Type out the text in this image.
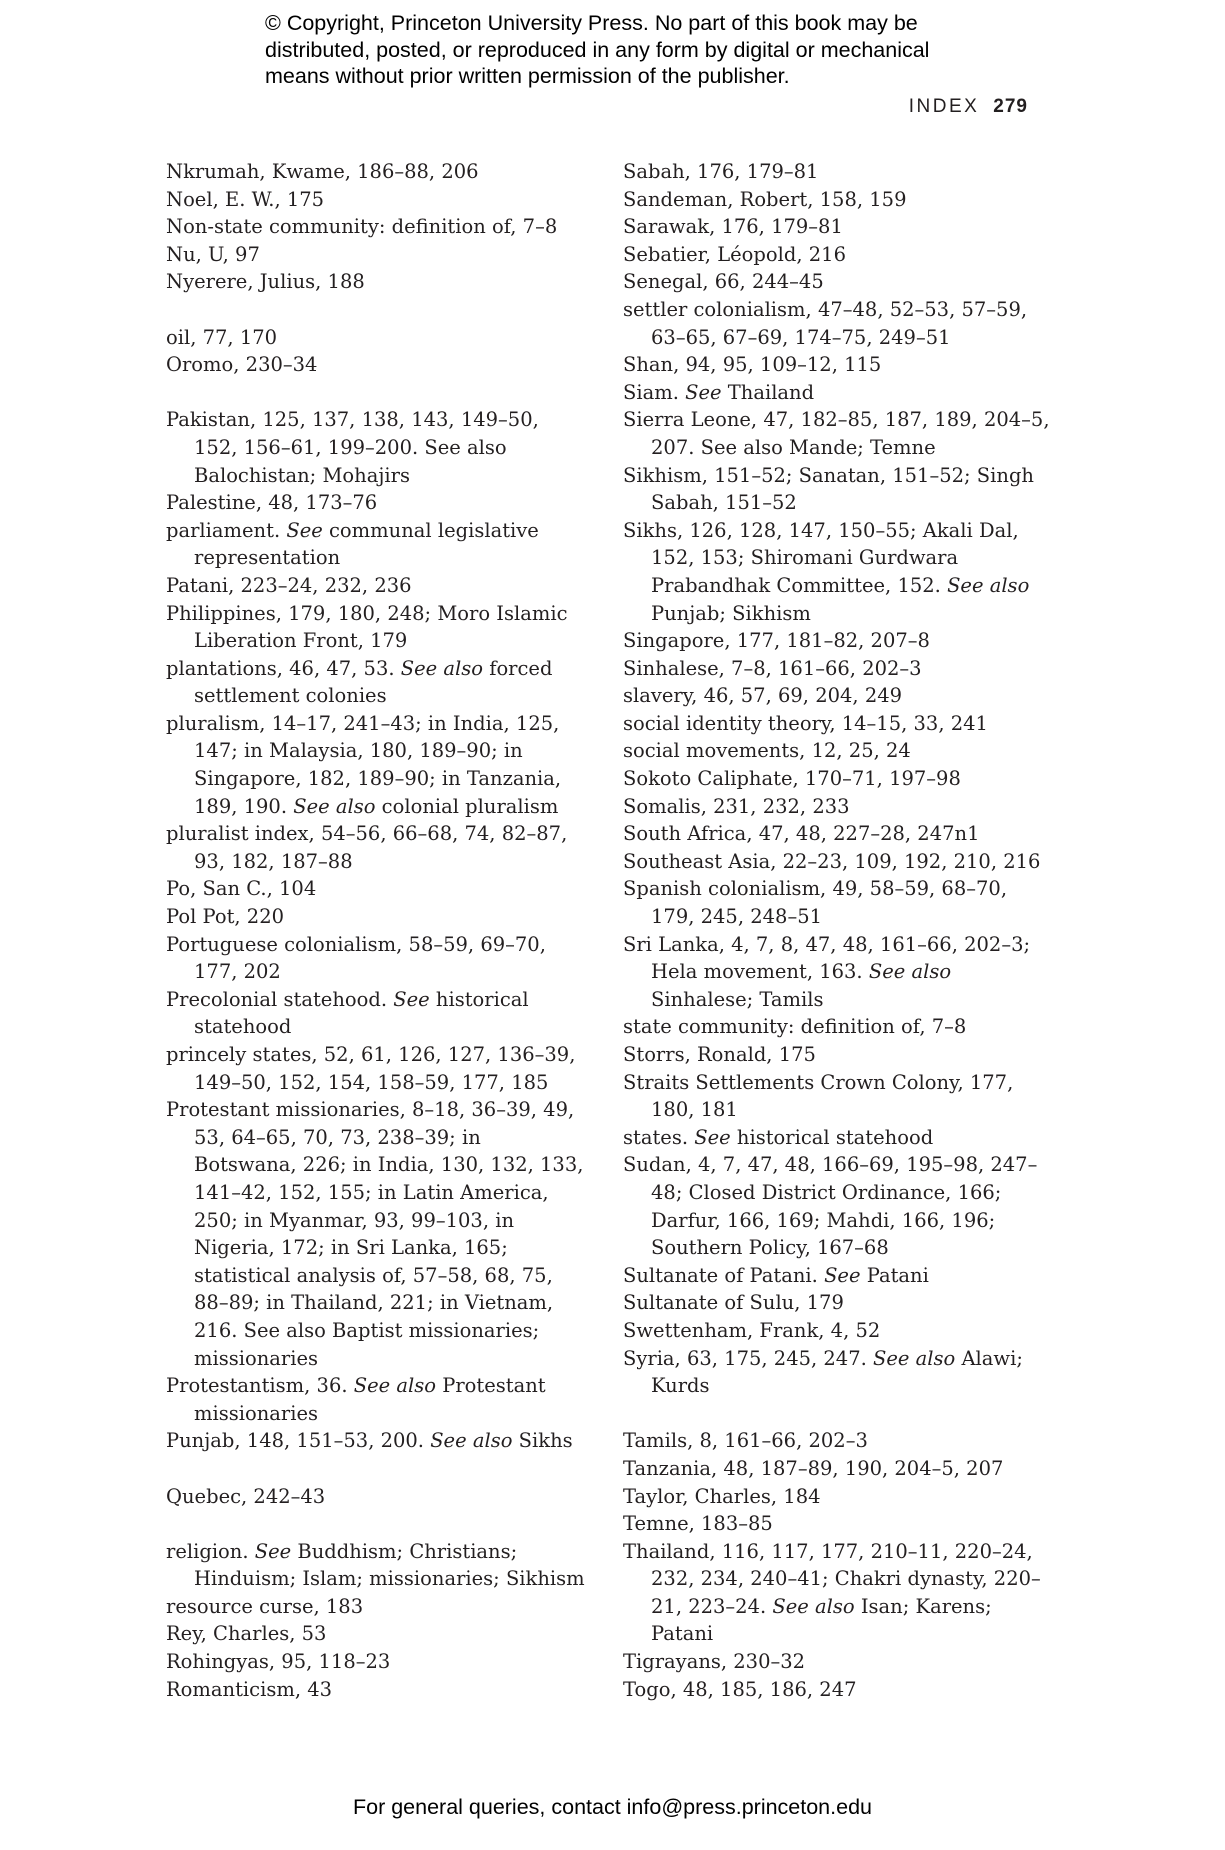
© Copyright, Princeton University Press. No part of this book may be
distributed, posted, or reproduced in any form by digital or mechanical
means without prior written permission of the publisher.
INDEX 279
Nkrumah, Kwame, 186–88, 206
Noel, E. W., 175
Non-state community: definition of, 7–8
Nu, U, 97
Nyerere, Julius, 188
oil, 77, 170
Oromo, 230–34
Pakistan, 125, 137, 138, 143, 149–50, 152, 156–61, 199–200. See also Balochistan; Mohajirs
Palestine, 48, 173–76
parliament. See communal legislative representation
Patani, 223–24, 232, 236
Philippines, 179, 180, 248; Moro Islamic Liberation Front, 179
plantations, 46, 47, 53. See also forced settlement colonies
pluralism, 14–17, 241–43; in India, 125, 147; in Malaysia, 180, 189–90; in Singapore, 182, 189–90; in Tanzania, 189, 190. See also colonial pluralism
pluralist index, 54–56, 66–68, 74, 82–87, 93, 182, 187–88
Po, San C., 104
Pol Pot, 220
Portuguese colonialism, 58–59, 69–70, 177, 202
Precolonial statehood. See historical statehood
princely states, 52, 61, 126, 127, 136–39, 149–50, 152, 154, 158–59, 177, 185
Protestant missionaries, 8–18, 36–39, 49, 53, 64–65, 70, 73, 238–39; in Botswana, 226; in India, 130, 132, 133, 141–42, 152, 155; in Latin America, 250; in Myanmar, 93, 99–103, in Nigeria, 172; in Sri Lanka, 165; statistical analysis of, 57–58, 68, 75, 88–89; in Thailand, 221; in Vietnam, 216. See also Baptist missionaries; missionaries
Protestantism, 36. See also Protestant missionaries
Punjab, 148, 151–53, 200. See also Sikhs
Quebec, 242–43
religion. See Buddhism; Christians; Hinduism; Islam; missionaries; Sikhism
resource curse, 183
Rey, Charles, 53
Rohingyas, 95, 118–23
Romanticism, 43
Sabah, 176, 179–81
Sandeman, Robert, 158, 159
Sarawak, 176, 179–81
Sebatier, Léopold, 216
Senegal, 66, 244–45
settler colonialism, 47–48, 52–53, 57–59, 63–65, 67–69, 174–75, 249–51
Shan, 94, 95, 109–12, 115
Siam. See Thailand
Sierra Leone, 47, 182–85, 187, 189, 204–5, 207. See also Mande; Temne
Sikhism, 151–52; Sanatan, 151–52; Singh Sabah, 151–52
Sikhs, 126, 128, 147, 150–55; Akali Dal, 152, 153; Shiromani Gurdwara Prabandhak Committee, 152. See also Punjab; Sikhism
Singapore, 177, 181–82, 207–8
Sinhalese, 7–8, 161–66, 202–3
slavery, 46, 57, 69, 204, 249
social identity theory, 14–15, 33, 241
social movements, 12, 25, 24
Sokoto Caliphate, 170–71, 197–98
Somalis, 231, 232, 233
South Africa, 47, 48, 227–28, 247n1
Southeast Asia, 22–23, 109, 192, 210, 216
Spanish colonialism, 49, 58–59, 68–70, 179, 245, 248–51
Sri Lanka, 4, 7, 8, 47, 48, 161–66, 202–3; Hela movement, 163. See also Sinhalese; Tamils
state community: definition of, 7–8
Storrs, Ronald, 175
Straits Settlements Crown Colony, 177, 180, 181
states. See historical statehood
Sudan, 4, 7, 47, 48, 166–69, 195–98, 247–48; Closed District Ordinance, 166; Darfur, 166, 169; Mahdi, 166, 196; Southern Policy, 167–68
Sultanate of Patani. See Patani
Sultanate of Sulu, 179
Swettenham, Frank, 4, 52
Syria, 63, 175, 245, 247. See also Alawi; Kurds
Tamils, 8, 161–66, 202–3
Tanzania, 48, 187–89, 190, 204–5, 207
Taylor, Charles, 184
Temne, 183–85
Thailand, 116, 117, 177, 210–11, 220–24, 232, 234, 240–41; Chakri dynasty, 220–21, 223–24. See also Isan; Karens; Patani
Tigrayans, 230–32
Togo, 48, 185, 186, 247
For general queries, contact info@press.princeton.edu
